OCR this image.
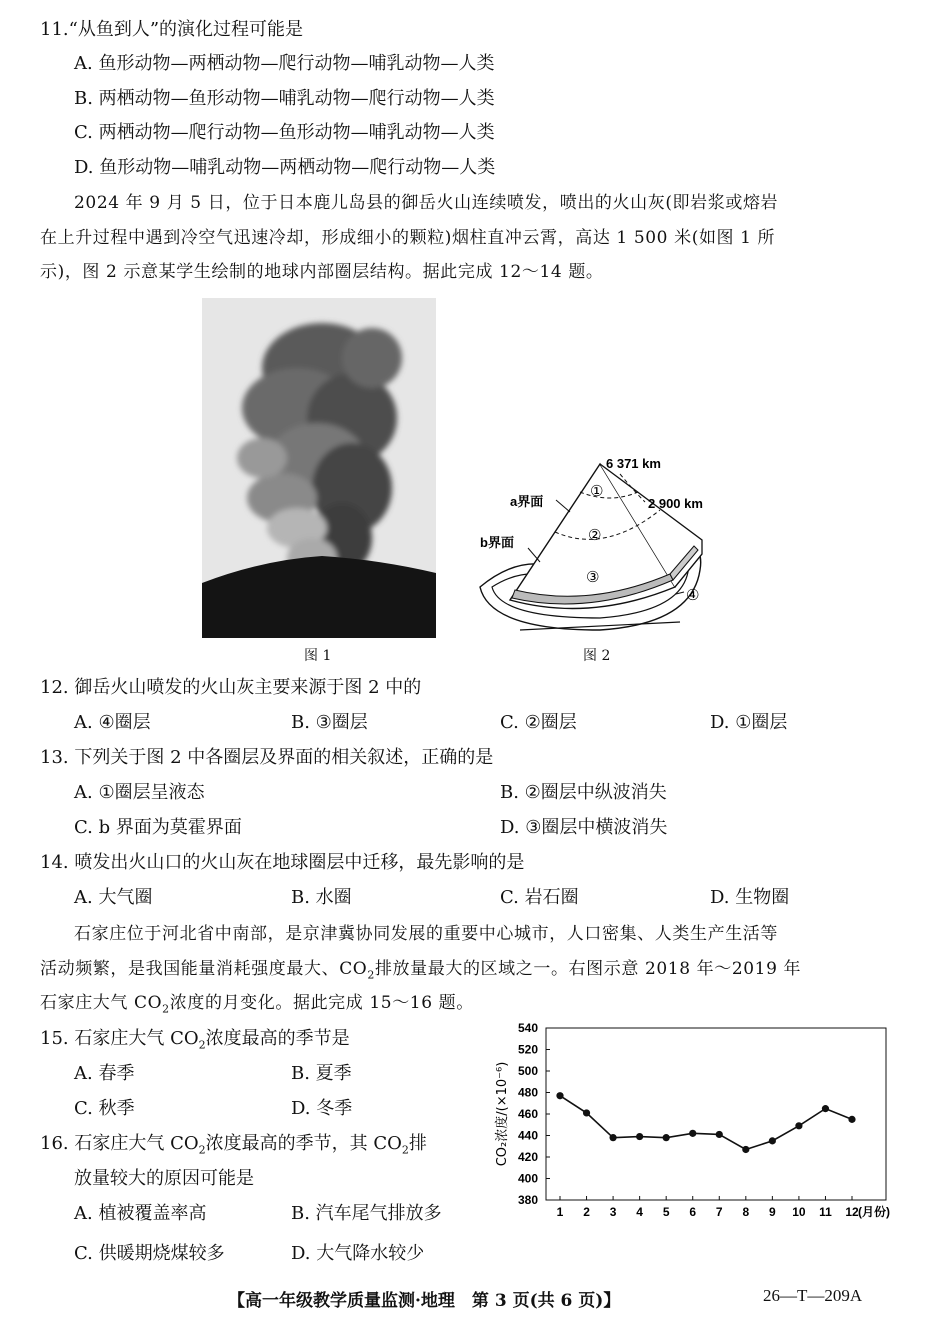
11.“从鱼到人”的演化过程可能是
A. 鱼形动物—两栖动物—爬行动物—哺乳动物—人类
B. 两栖动物—鱼形动物—哺乳动物—爬行动物—人类
C. 两栖动物—爬行动物—鱼形动物—哺乳动物—人类
D. 鱼形动物—哺乳动物—两栖动物—爬行动物—人类
2024 年 9 月 5 日，位于日本鹿儿岛县的御岳火山连续喷发，喷出的火山灰(即岩浆或熔岩
在上升过程中遇到冷空气迅速冷却，形成细小的颗粒)烟柱直冲云霄，高达 1 500 米(如图 1 所
示)，图 2 示意某学生绘制的地球内部圈层结构。据此完成 12～14 题。
图 1
6 371 km
2 900 km
a界面
b界面
①
②
③
④
图 2
12. 御岳火山喷发的火山灰主要来源于图 2 中的
A. ④圈层	B. ③圈层	C. ②圈层	D. ①圈层
13. 下列关于图 2 中各圈层及界面的相关叙述，正确的是
A. ①圈层呈液态	B. ②圈层中纵波消失
C. b 界面为莫霍界面	D. ③圈层中横波消失
14. 喷发出火山口的火山灰在地球圈层中迁移，最先影响的是
A. 大气圈	B. 水圈	C. 岩石圈	D. 生物圈
石家庄位于河北省中南部，是京津冀协同发展的重要中心城市，人口密集、人类生产生活等
活动频繁，是我国能量消耗强度最大、$CO_2$排放量最大的区域之一。右图示意 2018 年～2019 年
石家庄大气 $CO_2$浓度的月变化。据此完成 15～16 题。
15. 石家庄大气 $CO_2$浓度最高的季节是
A. 春季	B. 夏季
C. 秋季	D. 冬季
16. 石家庄大气 $CO_2$浓度最高的季节，其 $CO_2$排
放量较大的原因可能是
A. 植被覆盖率高	B. 汽车尾气排放多
C. 供暖期烧煤较多	D. 大气降水较少
380
400
420
440
460
480
500
520
540
1 2 3 4 5 6 7 8 9 10 11 12 (月份)
CO₂浓度/(×10⁻⁶)
【高一年级教学质量监测·地理　第 3 页(共 6 页)】	26—T—209A
